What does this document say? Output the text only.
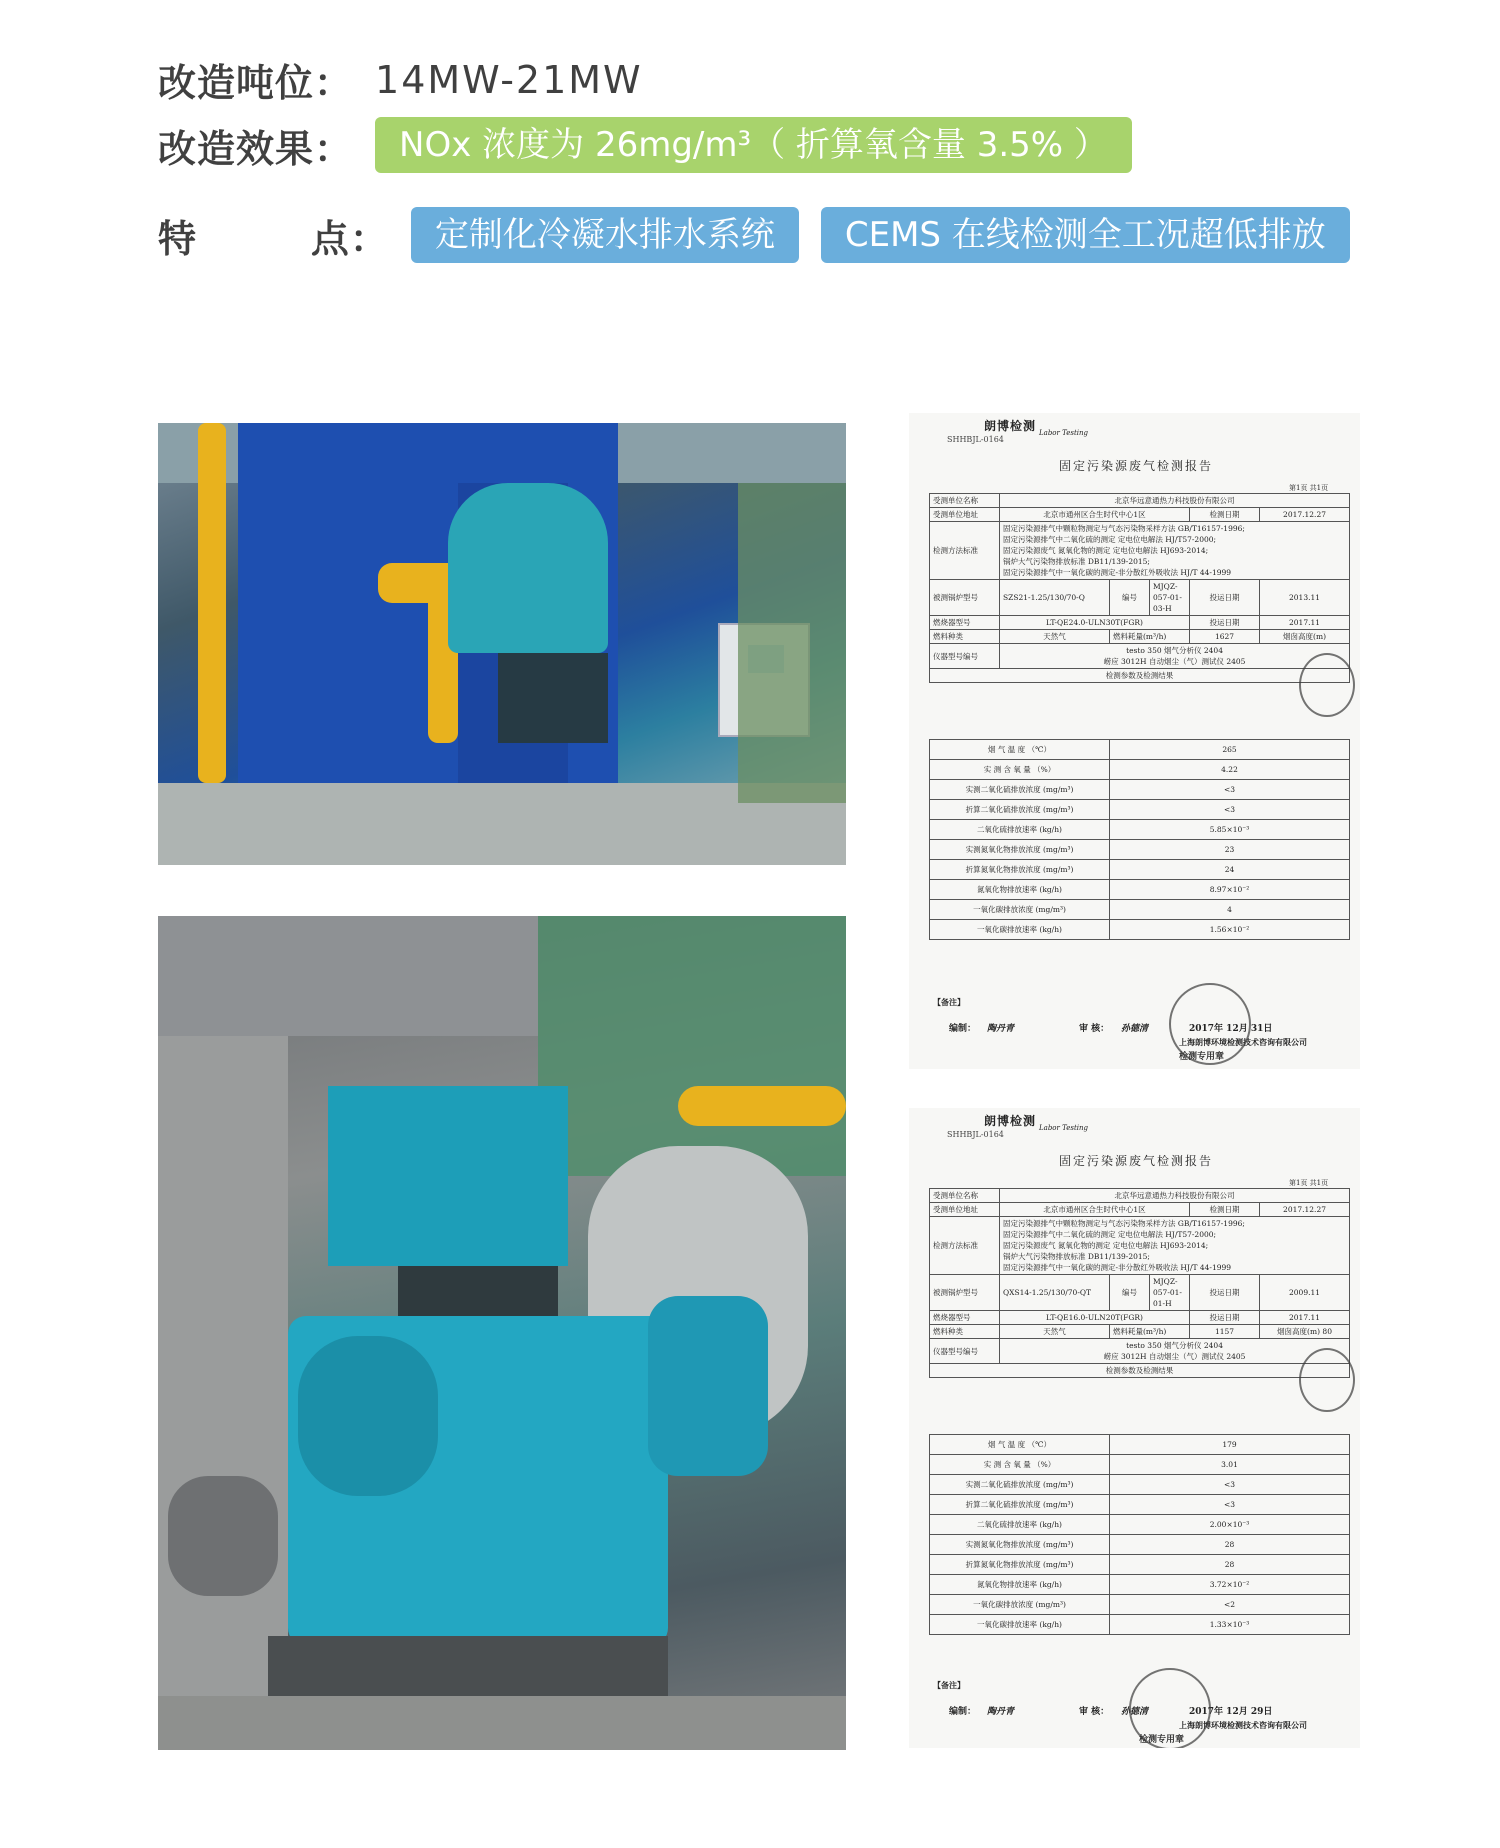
改造吨位： 14MW-21MW
改造效果：	NOx 浓度为 26mg/m³（ 折算氧含量 3.5% ）
特        点：	定制化冷凝水排水系统	CEMS 在线检测全工况超低排放
朗博检测 Labor Testing
SHHBJL-0164
固定污染源废气检测报告
第1页 共1页
受测单位名称	北京华远意通热力科技股份有限公司				
受测单位地址	北京市通州区合生时代中心1区			检测日期	2017.12.27
检测方法标准	固定污染源排气中颗粒物测定与气态污染物采样方法 GB/T16157-1996;
固定污染源排气中二氧化硫的测定 定电位电解法 HJ/T57-2000;
固定污染源废气 氮氧化物的测定 定电位电解法 HJ693-2014;
锅炉大气污染物排放标准 DB11/139-2015;
固定污染源排气中一氧化碳的测定-非分散红外吸收法 HJ/T 44-1999				

被测锅炉型号	SZS21-1.25/130/70-Q	编号	MJQZ-057-01-03-H	投运日期	2013.11
燃烧器型号	LT-QE24.0-ULN30T(FGR)			投运日期	2017.11
燃料种类	天然气	燃料耗量(m³/h)		1627	烟囱高度(m)
仪器型号编号	testo 350 烟气分析仪 2404
崂应 3012H 自动烟尘（气）测试仪 2405				

检测参数及检测结果					
烟 气 温 度 （℃）	265
实 测 含 氧 量 （%）	4.22
实测二氧化硫排放浓度 (mg/m³)	<3
折算二氧化硫排放浓度 (mg/m³)	<3
二氧化硫排放速率 (kg/h)	5.85×10⁻³
实测氮氧化物排放浓度 (mg/m³)	23
折算氮氧化物排放浓度 (mg/m³)	24
氮氧化物排放速率 (kg/h)	8.97×10⁻²
一氧化碳排放浓度 (mg/m³)	4
一氧化碳排放速率 (kg/h)	1.56×10⁻²
【备注】
编制： 陶丹青	审 核： 孙德清	2017年 12月 31日
上海朗博环境检测技术咨询有限公司
检测专用章
朗博检测 Labor Testing
SHHBJL-0164
固定污染源废气检测报告
第1页 共1页
受测单位名称	北京华远意通热力科技股份有限公司				
受测单位地址	北京市通州区合生时代中心1区			检测日期	2017.12.27
检测方法标准	固定污染源排气中颗粒物测定与气态污染物采样方法 GB/T16157-1996;
固定污染源排气中二氧化硫的测定 定电位电解法 HJ/T57-2000;
固定污染源废气 氮氧化物的测定 定电位电解法 HJ693-2014;
锅炉大气污染物排放标准 DB11/139-2015;
固定污染源排气中一氧化碳的测定-非分散红外吸收法 HJ/T 44-1999				

被测锅炉型号	QXS14-1.25/130/70-QT	编号	MJQZ-057-01-01-H	投运日期	2009.11
燃烧器型号	LT-QE16.0-ULN20T(FGR)			投运日期	2017.11
燃料种类	天然气	燃料耗量(m³/h)		1157	烟囱高度(m) 80
仪器型号编号	testo 350 烟气分析仪 2404
崂应 3012H 自动烟尘（气）测试仪 2405				

检测参数及检测结果					
烟 气 温 度 （℃）	179
实 测 含 氧 量 （%）	3.01
实测二氧化硫排放浓度 (mg/m³)	<3
折算二氧化硫排放浓度 (mg/m³)	<3
二氧化硫排放速率 (kg/h)	2.00×10⁻³
实测氮氧化物排放浓度 (mg/m³)	28
折算氮氧化物排放浓度 (mg/m³)	28
氮氧化物排放速率 (kg/h)	3.72×10⁻²
一氧化碳排放浓度 (mg/m³)	<2
一氧化碳排放速率 (kg/h)	1.33×10⁻³
【备注】
编制： 陶丹青	审 核： 孙德清	2017年 12月 29日
上海朗博环境检测技术咨询有限公司
检测专用章
